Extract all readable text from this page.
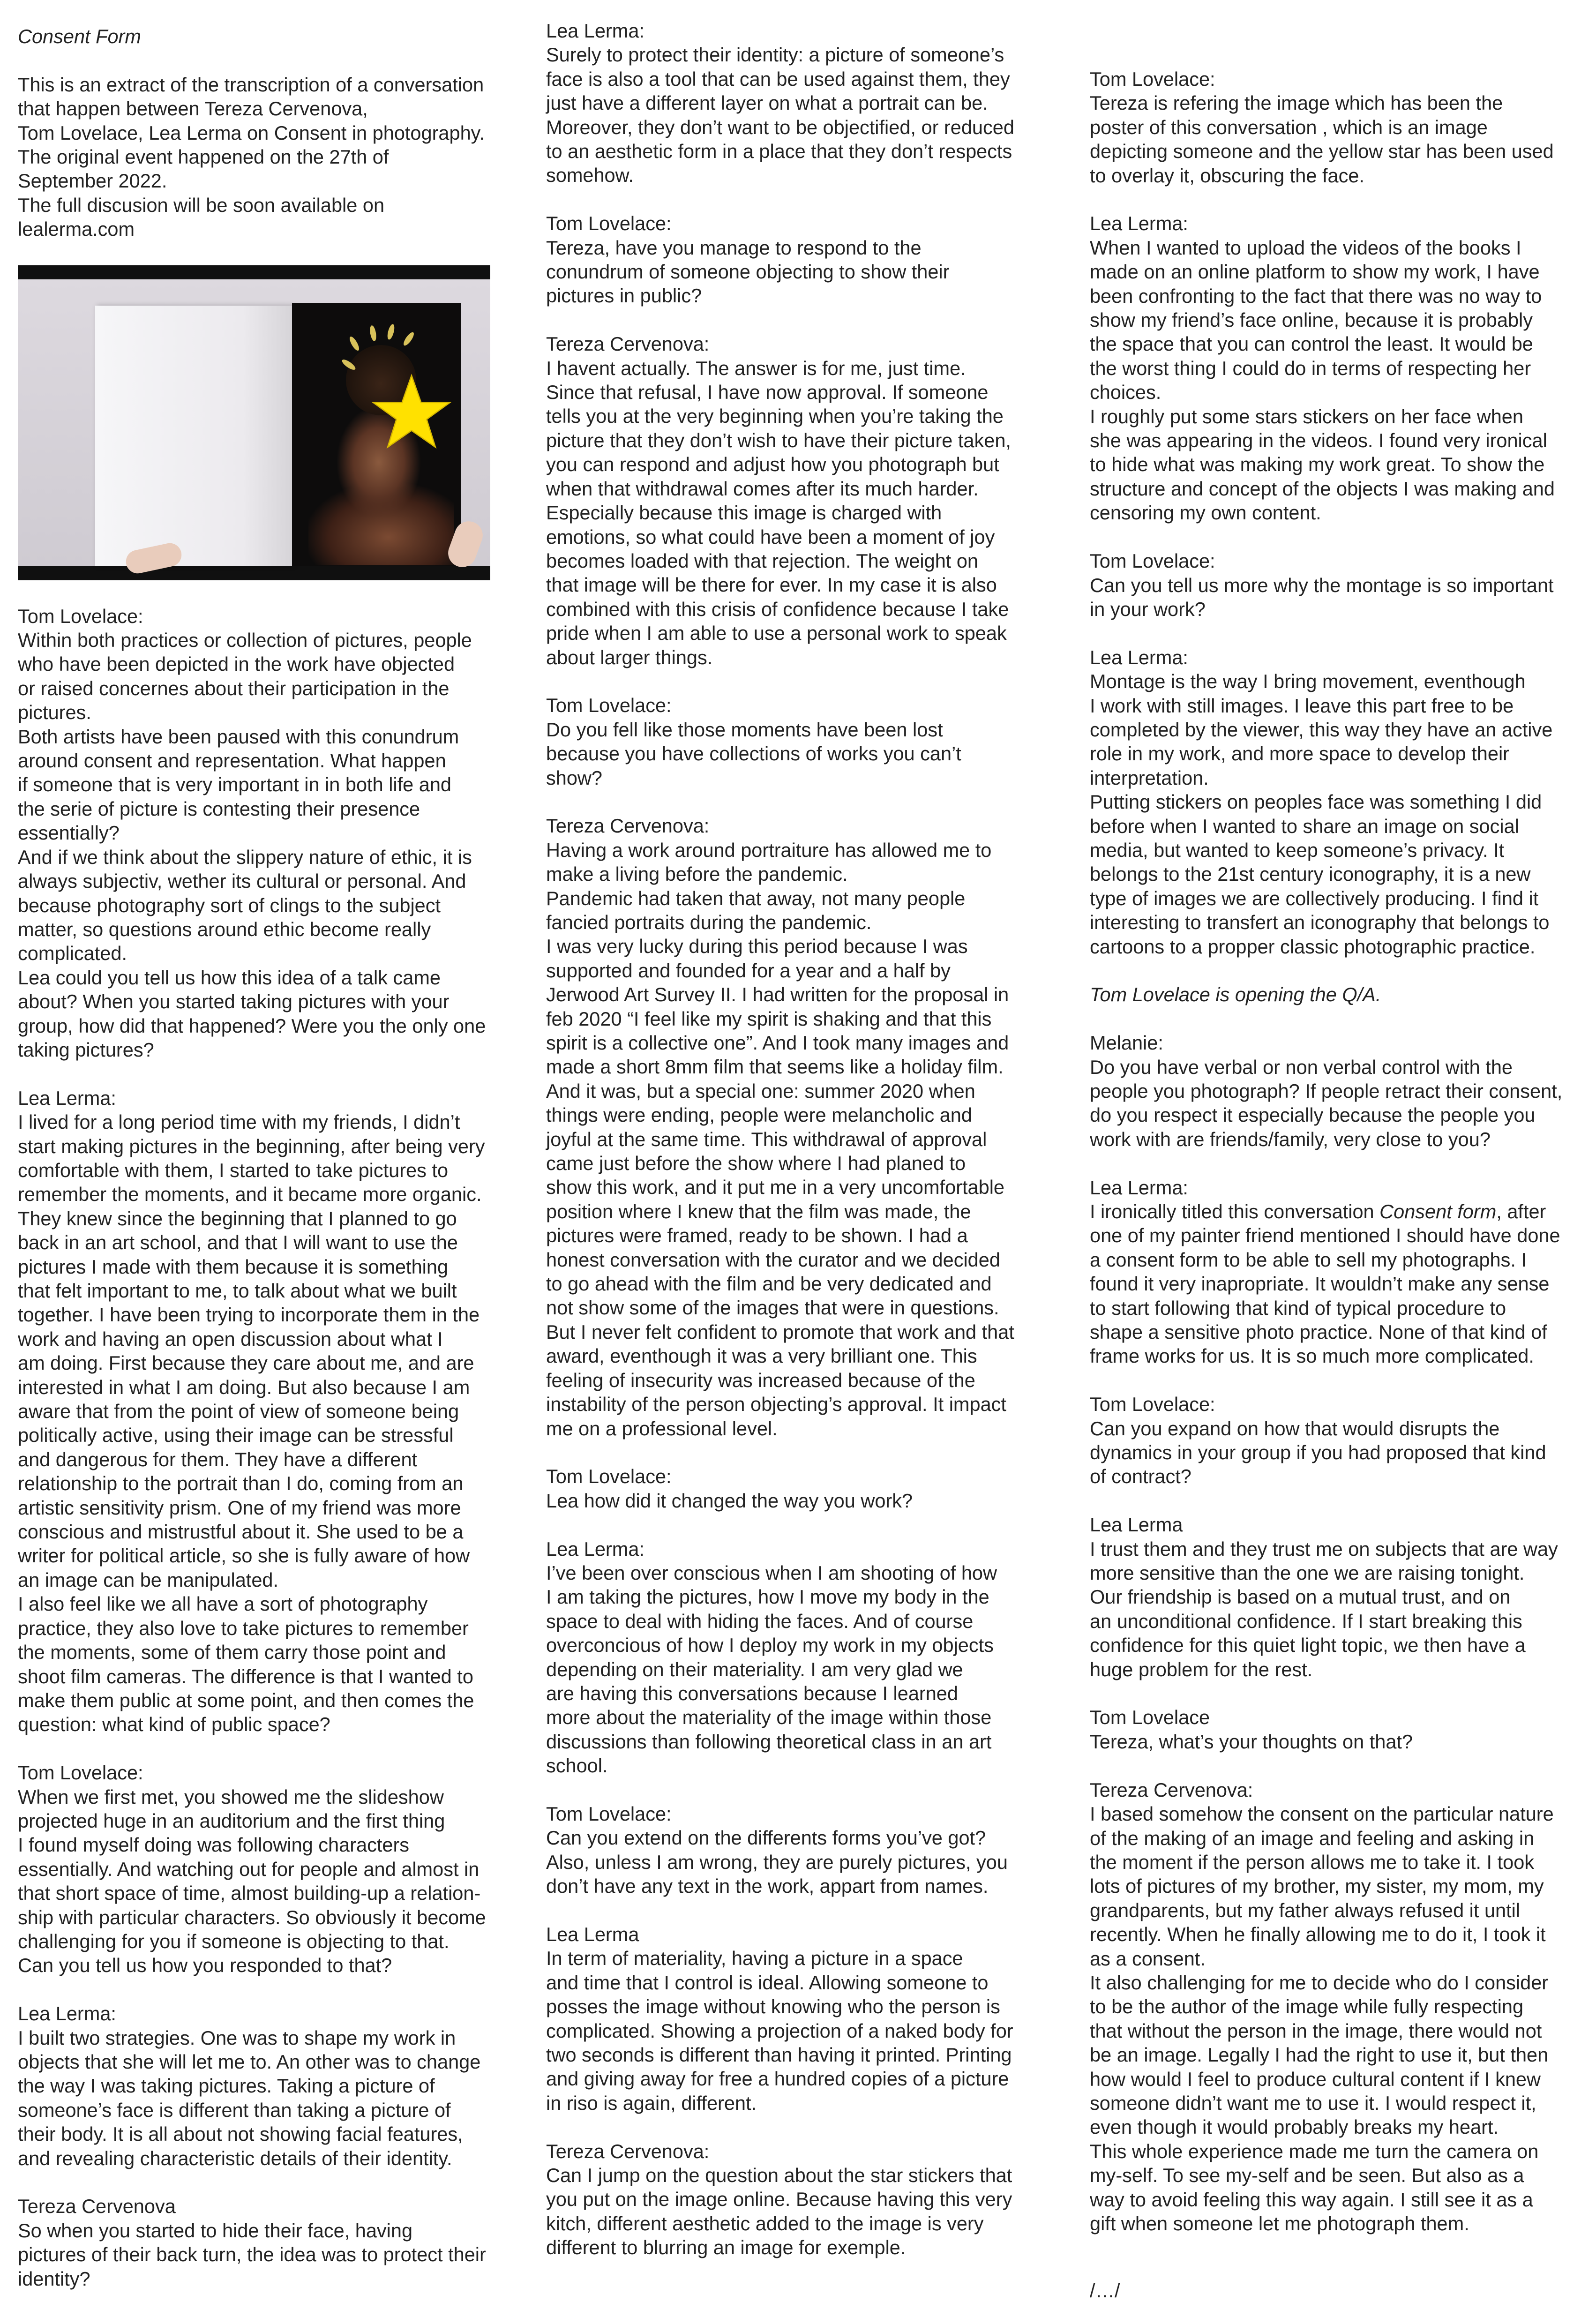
Consent Form

This is an extract of the transcription of a conversation
that happen between Tereza Cervenova,
Tom Lovelace, Lea Lerma on Consent in photography.
The original event happened on the 27th of
September 2022.
The full discusion will be soon available on
lealerma.com

Tom Lovelace:
Within both practices or collection of pictures, people
who have been depicted in the work have objected
or raised concernes about their participation in the
pictures.
Both artists have been paused with this conundrum
around consent and representation. What happen
if someone that is very important in in both life and
the serie of picture is contesting their presence
essentially?
And if we think about the slippery nature of ethic, it is
always subjectiv, wether its cultural or personal. And
because photography sort of clings to the subject
matter, so questions around ethic become really
complicated.
Lea could you tell us how this idea of a talk came
about? When you started taking pictures with your
group, how did that happened? Were you the only one
taking pictures?

Lea Lerma:
I lived for a long period time with my friends, I didn’t
start making pictures in the beginning, after being very
comfortable with them, I started to take pictures to
remember the moments, and it became more organic.
They knew since the beginning that I planned to go
back in an art school, and that I will want to use the
pictures I made with them because it is something
that felt important to me, to talk about what we built
together. I have been trying to incorporate them in the
work and having an open discussion about what I
am doing. First because they care about me, and are
interested in what I am doing. But also because I am
aware that from the point of view of someone being
politically active, using their image can be stressful
and dangerous for them. They have a different
relationship to the portrait than I do, coming from an
artistic sensitivity prism. One of my friend was more
conscious and mistrustful about it. She used to be a
writer for political article, so she is fully aware of how
an image can be manipulated.
I also feel like we all have a sort of photography
practice, they also love to take pictures to remember
the moments, some of them carry those point and
shoot film cameras. The difference is that I wanted to
make them public at some point, and then comes the
question: what kind of public space?

Tom Lovelace:
When we first met, you showed me the slideshow
projected huge in an auditorium and the first thing
I found myself doing was following characters
essentially. And watching out for people and almost in
that short space of time, almost building-up a relation-
ship with particular characters. So obviously it become
challenging for you if someone is objecting to that.
Can you tell us how you responded to that?

Lea Lerma:
I built two strategies. One was to shape my work in
objects that she will let me to. An other was to change
the way I was taking pictures. Taking a picture of
someone’s face is different than taking a picture of
their body. It is all about not showing facial features,
and revealing characteristic details of their identity.

Tereza Cervenova
So when you started to hide their face, having
pictures of their back turn, the idea was to protect their
identity?

Lea Lerma:
Surely to protect their identity: a picture of someone’s
face is also a tool that can be used against them, they
just have a different layer on what a portrait can be.
Moreover, they don’t want to be objectified, or reduced
to an aesthetic form in a place that they don’t respects
somehow.

Tom Lovelace:
Tereza, have you manage to respond to the
conundrum of someone objecting to show their
pictures in public?

Tereza Cervenova:
I havent actually. The answer is for me, just time.
Since that refusal, I have now approval. If someone
tells you at the very beginning when you’re taking the
picture that they don’t wish to have their picture taken,
you can respond and adjust how you photograph but
when that withdrawal comes after its much harder.
Especially because this image is charged with
emotions, so what could have been a moment of joy
becomes loaded with that rejection. The weight on
that image will be there for ever. In my case it is also
combined with this crisis of confidence because I take
pride when I am able to use a personal work to speak
about larger things.

Tom Lovelace:
Do you fell like those moments have been lost
because you have collections of works you can’t
show?

Tereza Cervenova:
Having a work around portraiture has allowed me to
make a living before the pandemic.
Pandemic had taken that away, not many people
fancied portraits during the pandemic.
I was very lucky during this period because I was
supported and founded for a year and a half by
Jerwood Art Survey II. I had written for the proposal in
feb 2020 “I feel like my spirit is shaking and that this
spirit is a collective one”. And I took many images and
made a short 8mm film that seems like a holiday film.
And it was, but a special one: summer 2020 when
things were ending, people were melancholic and
joyful at the same time. This withdrawal of approval
came just before the show where I had planed to
show this work, and it put me in a very uncomfortable
position where I knew that the film was made, the
pictures were framed, ready to be shown. I had a
honest conversation with the curator and we decided
to go ahead with the film and be very dedicated and
not show some of the images that were in questions.
But I never felt confident to promote that work and that
award, eventhough it was a very brilliant one. This
feeling of insecurity was increased because of the
instability of the person objecting’s approval. It impact
me on a professional level.

Tom Lovelace:
Lea how did it changed the way you work?

Lea Lerma:
I’ve been over conscious when I am shooting of how
I am taking the pictures, how I move my body in the
space to deal with hiding the faces. And of course
overconcious of how I deploy my work in my objects
depending on their materiality. I am very glad we
are having this conversations because I learned
more about the materiality of the image within those
discussions than following theoretical class in an art
school.

Tom Lovelace:
Can you extend on the differents forms you’ve got?
Also, unless I am wrong, they are purely pictures, you
don’t have any text in the work, appart from names.

Lea Lerma
In term of materiality, having a picture in a space
and time that I control is ideal. Allowing someone to
posses the image without knowing who the person is
complicated. Showing a projection of a naked body for
two seconds is different than having it printed. Printing
and giving away for free a hundred copies of a picture
in riso is again, different.

Tereza Cervenova:
Can I jump on the question about the star stickers that
you put on the image online. Because having this very
kitch, different aesthetic added to the image is very
different to blurring an image for exemple.

Tom Lovelace:
Tereza is refering the image which has been the
poster of this conversation , which is an image
depicting someone and the yellow star has been used
to overlay it, obscuring the face.

Lea Lerma:
When I wanted to upload the videos of the books I
made on an online platform to show my work, I have
been confronting to the fact that there was no way to
show my friend’s face online, because it is probably
the space that you can control the least. It would be
the worst thing I could do in terms of respecting her
choices.
I roughly put some stars stickers on her face when
she was appearing in the videos. I found very ironical
to hide what was making my work great. To show the
structure and concept of the objects I was making and
censoring my own content.

Tom Lovelace:
Can you tell us more why the montage is so important
in your work?

Lea Lerma:
Montage is the way I bring movement, eventhough
I work with still images. I leave this part free to be
completed by the viewer, this way they have an active
role in my work, and more space to develop their
interpretation.
Putting stickers on peoples face was something I did
before when I wanted to share an image on social
media, but wanted to keep someone’s privacy. It
belongs to the 21st century iconography, it is a new
type of images we are collectively producing. I find it
interesting to transfert an iconography that belongs to
cartoons to a propper classic photographic practice.

Tom Lovelace is opening the Q/A.

Melanie:
Do you have verbal or non verbal control with the
people you photograph? If people retract their consent,
do you respect it especially because the people you
work with are friends/family, very close to you?

Lea Lerma:

I ironically titled this conversation Consent form, after

one of my painter friend mentioned I should have done
a consent form to be able to sell my photographs. I
found it very inapropriate. It wouldn’t make any sense
to start following that kind of typical procedure to
shape a sensitive photo practice. None of that kind of
frame works for us. It is so much more complicated.

Tom Lovelace:
Can you expand on how that would disrupts the
dynamics in your group if you had proposed that kind
of contract?

Lea Lerma
I trust them and they trust me on subjects that are way
more sensitive than the one we are raising tonight.
Our friendship is based on a mutual trust, and on
an unconditional confidence. If I start breaking this
confidence for this quiet light topic, we then have a
huge problem for the rest.

Tom Lovelace
Tereza, what’s your thoughts on that?

Tereza Cervenova:
I based somehow the consent on the particular nature
of the making of an image and feeling and asking in
the moment if the person allows me to take it. I took
lots of pictures of my brother, my sister, my mom, my
grandparents, but my father always refused it until
recently. When he finally allowing me to do it, I took it
as a consent.
It also challenging for me to decide who do I consider
to be the author of the image while fully respecting
that without the person in the image, there would not
be an image. Legally I had the right to use it, but then
how would I feel to produce cultural content if I knew
someone didn’t want me to use it. I would respect it,
even though it would probably breaks my heart.
This whole experience made me turn the camera on
my-self. To see my-self and be seen. But also as a
way to avoid feeling this way again. I still see it as a
gift when someone let me photograph them.

/…/
